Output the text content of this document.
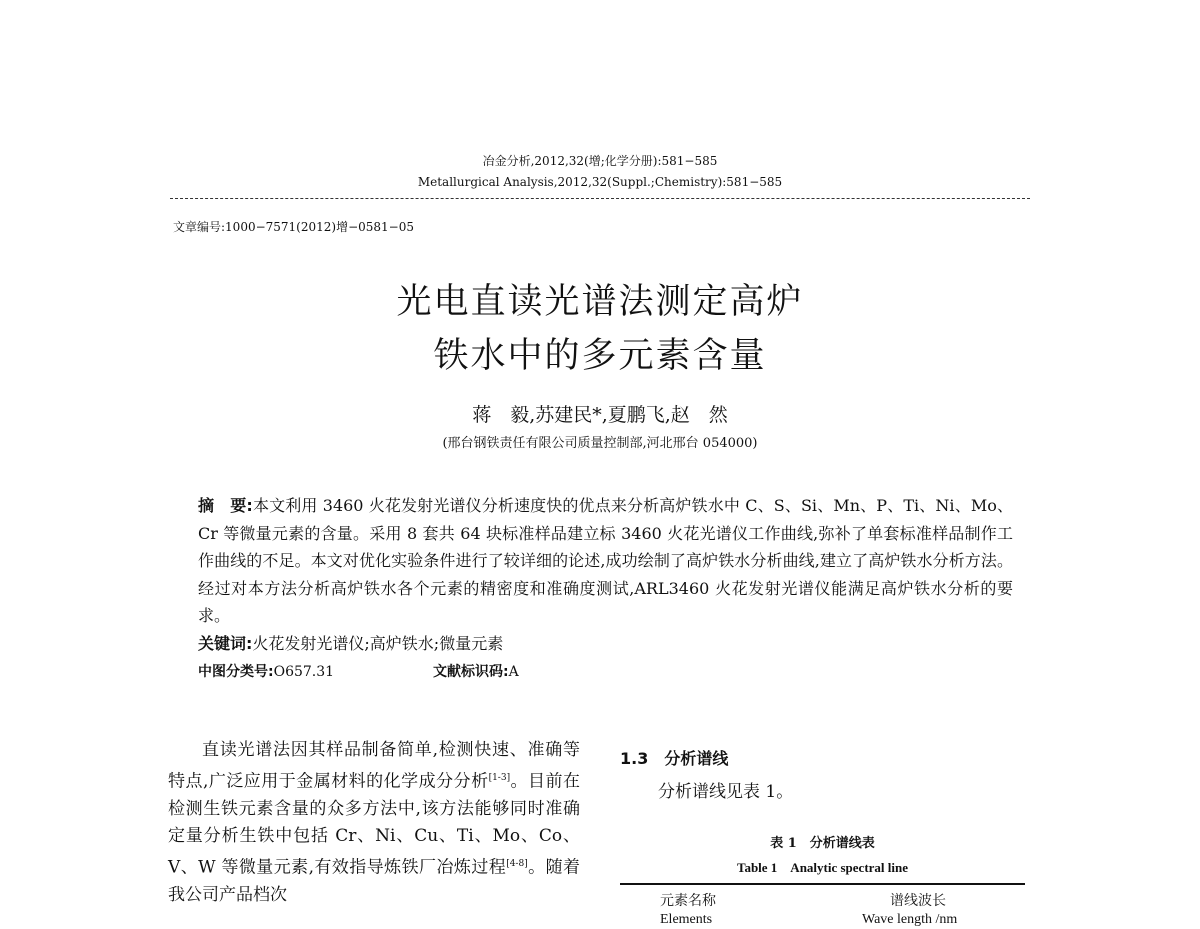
冶金分析,2012,32(增;化学分册):581−585
Metallurgical Analysis,2012,32(Suppl.;Chemistry):581−585
文章编号:1000−7571(2012)增−0581−05
光电直读光谱法测定高炉
铁水中的多元素含量
蒋　毅,苏建民*,夏鹏飞,赵　然
(邢台钢铁责任有限公司质量控制部,河北邢台 054000)
摘　要:本文利用 3460 火花发射光谱仪分析速度快的优点来分析高炉铁水中 C、S、Si、Mn、P、Ti、Ni、Mo、Cr 等微量元素的含量。采用 8 套共 64 块标准样品建立标 3460 火花光谱仪工作曲线,弥补了单套标准样品制作工作曲线的不足。本文对优化实验条件进行了较详细的论述,成功绘制了高炉铁水分析曲线,建立了高炉铁水分析方法。经过对本方法分析高炉铁水各个元素的精密度和准确度测试,ARL3460 火花发射光谱仪能满足高炉铁水分析的要求。
关键词:火花发射光谱仪;高炉铁水;微量元素
中图分类号:O657.31	文献标识码:A

直读光谱法因其样品制备简单,检测快速、准确等特点,广泛应用于金属材料的化学成分分析[1-3]。目前在检测生铁元素含量的众多方法中,该方法能够同时准确定量分析生铁中包括 Cr、Ni、Cu、Ti、Mo、Co、V、W 等微量元素,有效指导炼铁厂冶炼过程[4-8]。随着我公司产品档次

1.3　 分析谱线
分析谱线见表 1。
表 1　分析谱线表
Table 1　Analytic spectral line
元素名称	谱线波长
Elements	Wave length /nm
